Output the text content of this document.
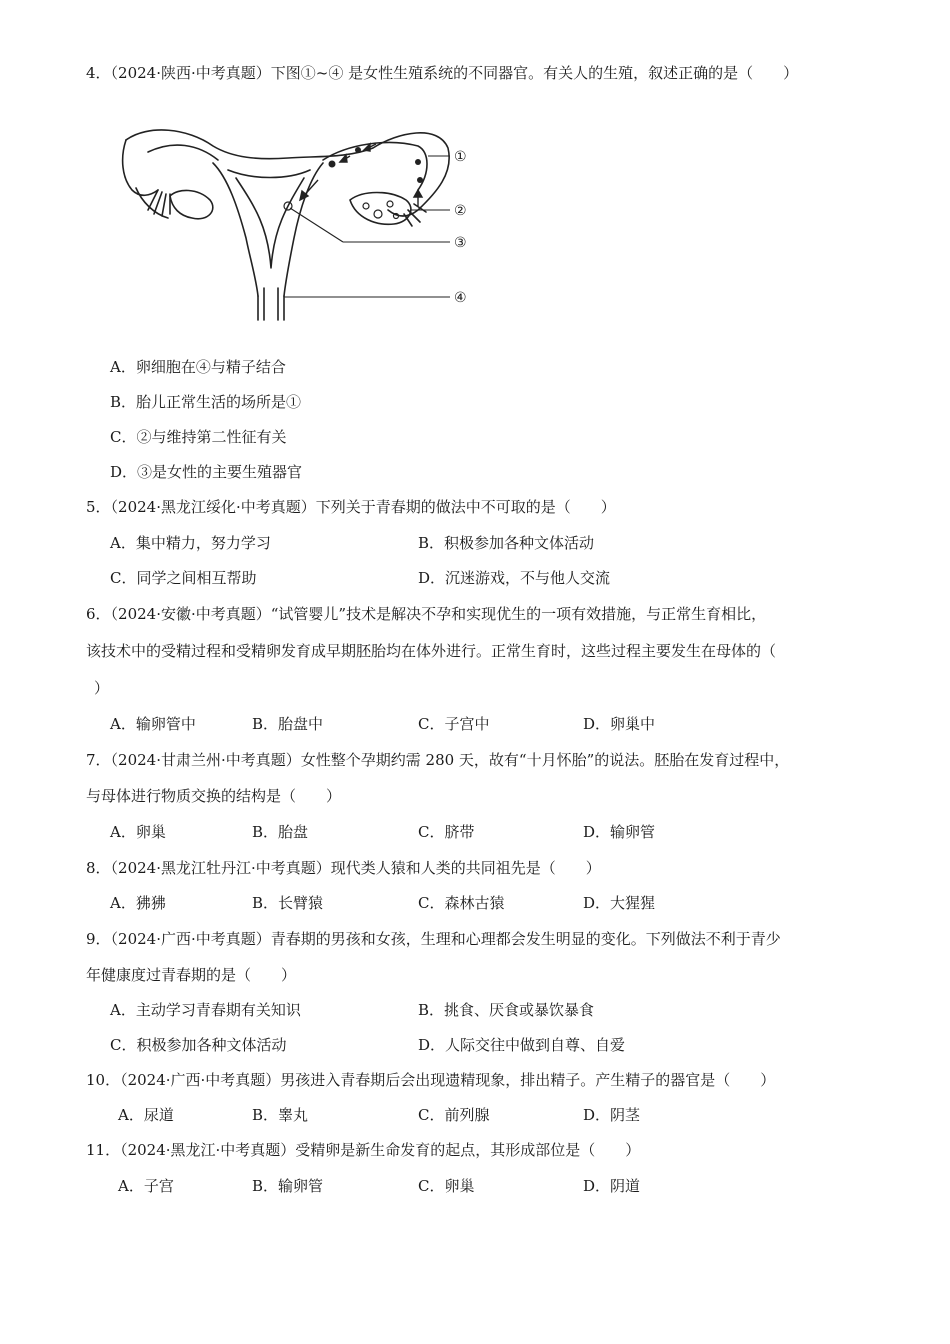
4．（2024·陕西·中考真题）下图①~④ 是女性生殖系统的不同器官。有关人的生殖，叙述正确的是（　　）
①
②
③
④
A．卵细胞在④与精子结合
B．胎儿正常生活的场所是①
C．②与维持第二性征有关
D．③是女性的主要生殖器官
5．（2024·黑龙江绥化·中考真题）下列关于青春期的做法中不可取的是（　　）
A．集中精力，努力学习	B．积极参加各种文体活动
C．同学之间相互帮助	D．沉迷游戏，不与他人交流
6．（2024·安徽·中考真题）“试管婴儿”技术是解决不孕和实现优生的一项有效措施，与正常生育相比，
该技术中的受精过程和受精卵发育成早期胚胎均在体外进行。正常生育时，这些过程主要发生在母体的（
）
A．输卵管中	B．胎盘中	C．子宫中	D．卵巢中
7．（2024·甘肃兰州·中考真题）女性整个孕期约需 280 天，故有“十月怀胎”的说法。胚胎在发育过程中，
与母体进行物质交换的结构是（　　）
A．卵巢	B．胎盘	C．脐带	D．输卵管
8．（2024·黑龙江牡丹江·中考真题）现代类人猿和人类的共同祖先是（　　）
A．狒狒	B．长臂猿	C．森林古猿	D．大猩猩
9．（2024·广西·中考真题）青春期的男孩和女孩，生理和心理都会发生明显的变化。下列做法不利于青少
年健康度过青春期的是（　　）
A．主动学习青春期有关知识	B．挑食、厌食或暴饮暴食
C．积极参加各种文体活动	D．人际交往中做到自尊、自爱
10．（2024·广西·中考真题）男孩进入青春期后会出现遗精现象，排出精子。产生精子的器官是（　　）
A．尿道	B．睾丸	C．前列腺	D．阴茎
11．（2024·黑龙江·中考真题）受精卵是新生命发育的起点，其形成部位是（　　）
A．子宫	B．输卵管	C．卵巢	D．阴道
